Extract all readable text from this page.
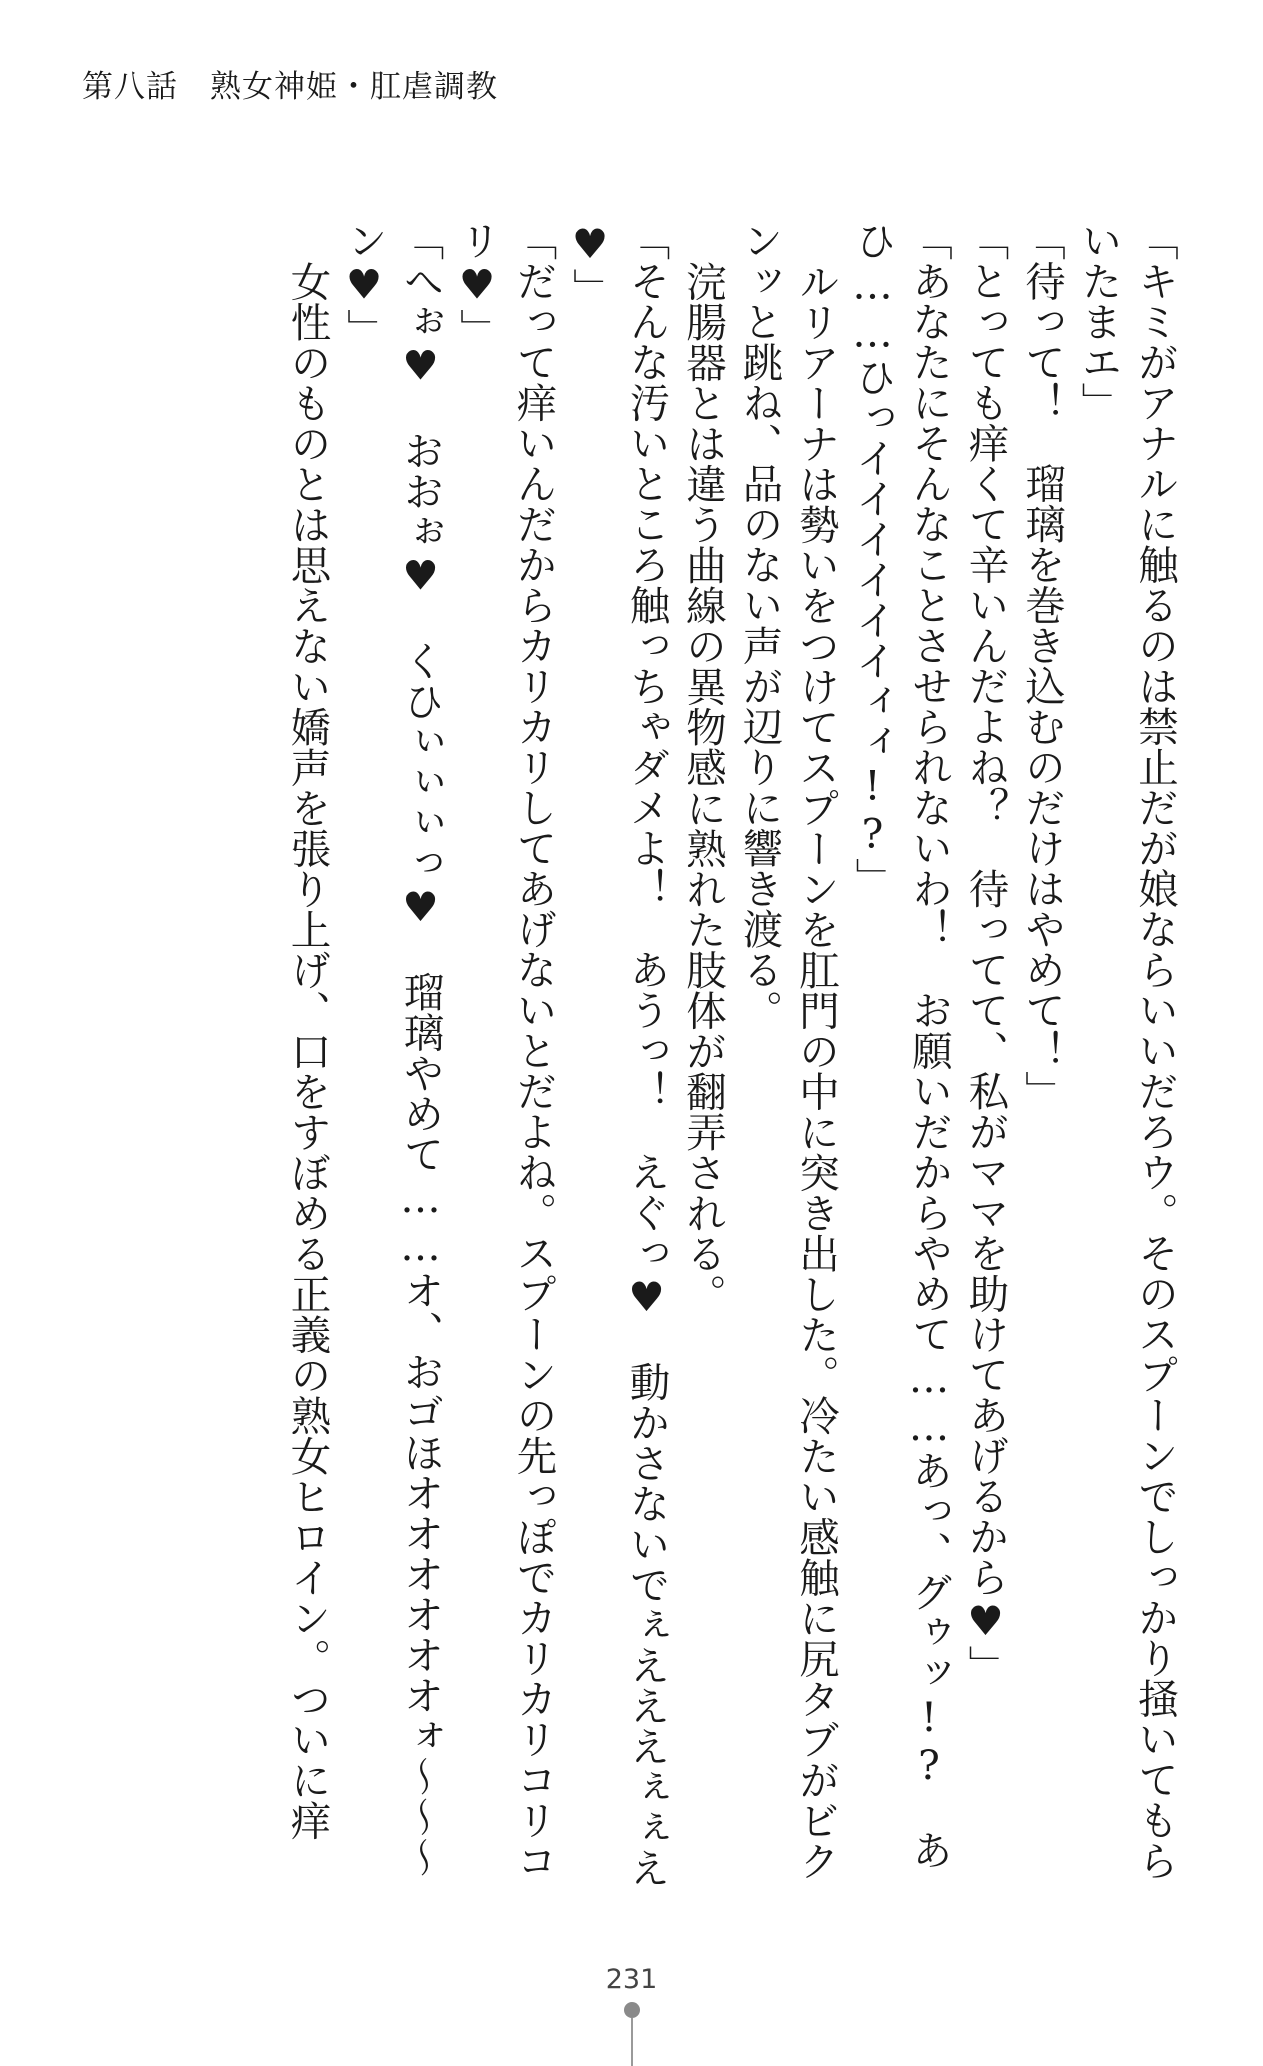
第八話　 熟女神姫・肛虐調教

「キミがアナルに触るのは禁止だが娘ならいいだろウ。そのスプーンでしっかり掻いてもらいたまエ」

「待って！　瑠璃を巻き込むのだけはやめて！」

「とっても痒くて辛いんだよね？　待ってて、私がママを助けてあげるから♥」

「あなたにそんなことさせられないわ！　お願いだからやめて……あっ、グゥッ!?　あひ……ひっイイイイイイィィ!?」

ルリアーナは勢いをつけてスプーンを肛門の中に突き出した。冷たい感触に尻タブがビクンッと跳ね、品のない声が辺りに響き渡る。

浣腸器とは違う曲線の異物感に熟れた肢体が翻弄される。

「そんな汚いところ触っちゃダメよ！　あうっ！　えぐっ♥　動かさないでぇえええぇぇえ♥」

「だって痒いんだからカリカリしてあげないとだよね。スプーンの先っぽでカリカリコリコリ♥」

「へぉ♥　おおぉ♥　くひぃぃぃっ♥　瑠璃やめて……オ、おゴほオオオオオオォ～～～ン♥」

女性のものとは思えない嬌声を張り上げ、口をすぼめる正義の熟女ヒロイン。ついに痒

231
